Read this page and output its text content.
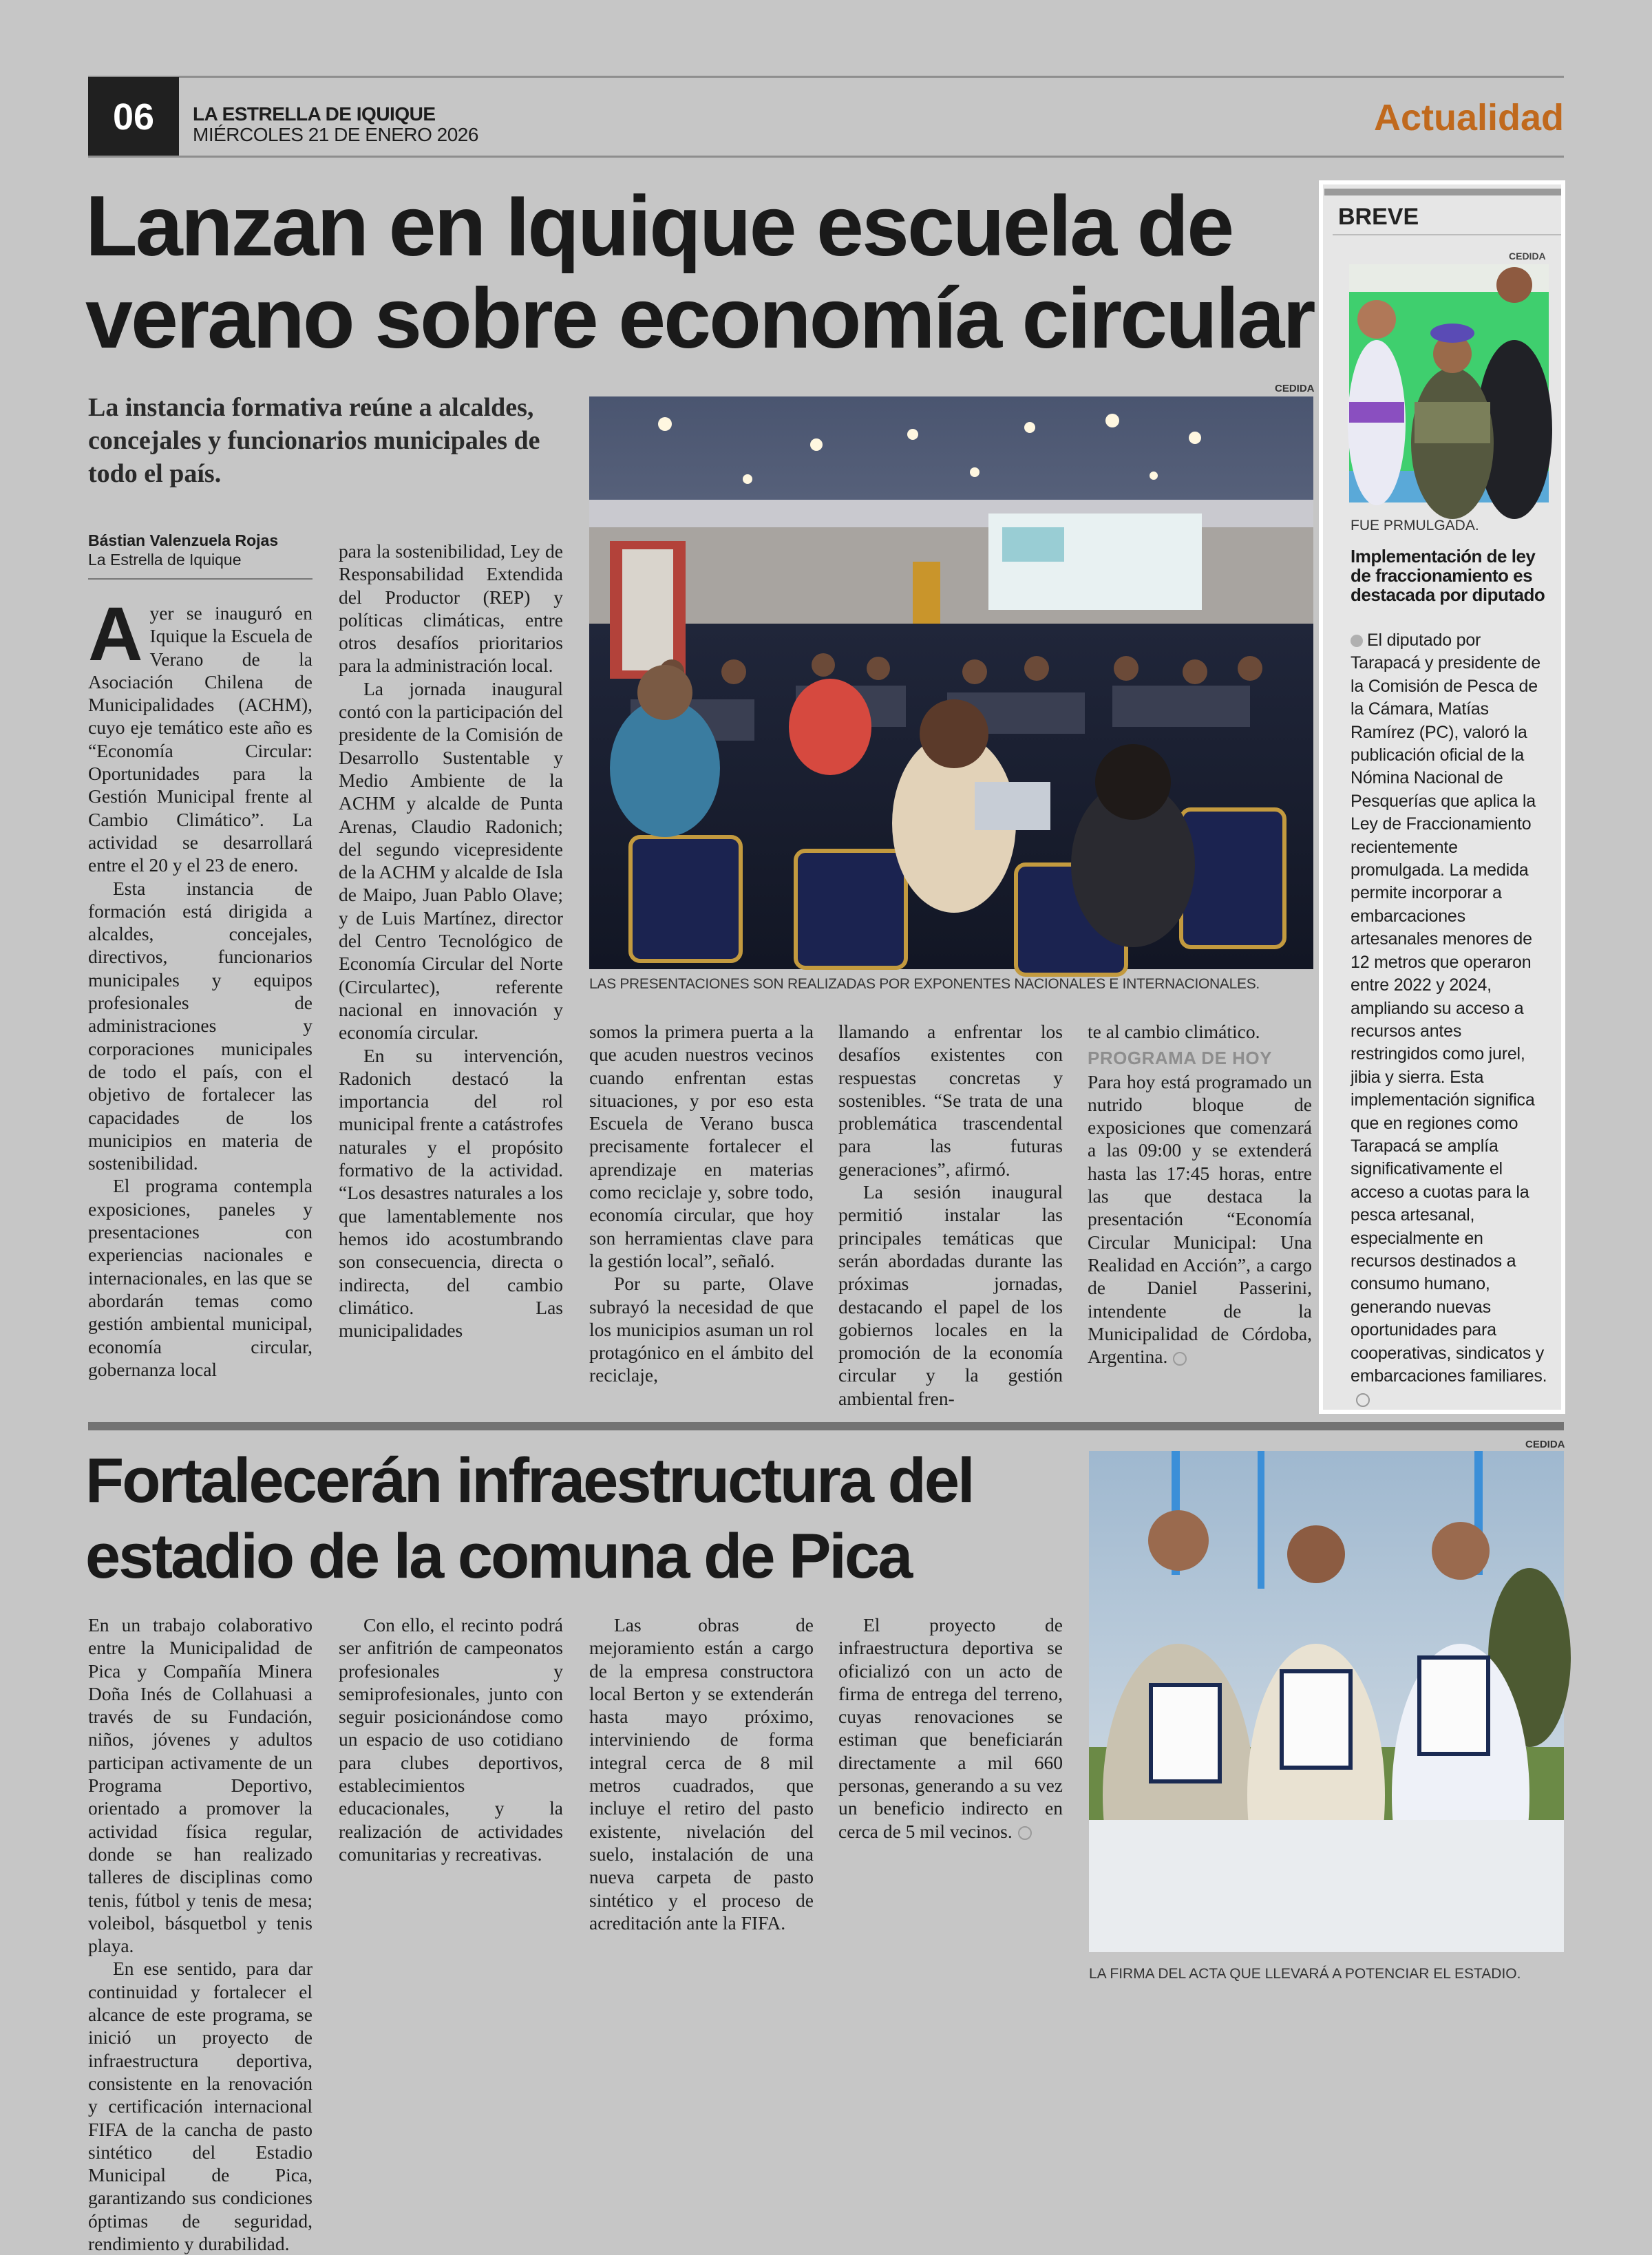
06	LA ESTRELLA DE IQUIQUE
MIÉRCOLES 21 DE ENERO 2026	Actualidad
Lanzan en Iquique escuela de verano sobre economía circular
La instancia formativa reúne a alcaldes, concejales y funcionarios municipales de todo el país.
Bástian Valenzuela Rojas
La Estrella de Iquique

Ayer se inauguró en Iquique la Escuela de Verano de la Asociación Chilena de Municipalidades (ACHM), cuyo eje temático este año es “Economía Circular: Oportunidades para la Gestión Municipal frente al Cambio Climático”. La actividad se desarrollará entre el 20 y el 23 de enero.

Esta instancia de formación está dirigida a alcaldes, concejales, directivos, funcionarios municipales y equipos profesionales de administraciones y corporaciones municipales de todo el país, con el objetivo de fortalecer las capacidades de los municipios en materia de sostenibilidad.

El programa contempla exposiciones, paneles y presentaciones con experiencias nacionales e internacionales, en las que se abordarán temas como gestión ambiental municipal, economía circular, gobernanza local

para la sostenibilidad, Ley de Responsabilidad Extendida del Productor (REP) y políticas climáticas, entre otros desafíos prioritarios para la administración local.

La jornada inaugural contó con la participación del presidente de la Comisión de Desarrollo Sustentable y Medio Ambiente de la ACHM y alcalde de Punta Arenas, Claudio Radonich; del segundo vicepresidente de la ACHM y alcalde de Isla de Maipo, Juan Pablo Olave; y de Luis Martínez, director del Centro Tecnológico de Economía Circular del Norte (Circulartec), referente nacional en innovación y economía circular.

En su intervención, Radonich destacó la importancia del rol municipal frente a catástrofes naturales y el propósito formativo de la actividad. “Los desastres naturales a los que lamentablemente nos hemos ido acostumbrando son consecuencia, directa o indirecta, del cambio climático. Las municipalidades

CEDIDA
LAS PRESENTACIONES SON REALIZADAS POR EXPONENTES NACIONALES E INTERNACIONALES.

somos la primera puerta a la que acuden nuestros vecinos cuando enfrentan estas situaciones, y por eso esta Escuela de Verano busca precisamente fortalecer el aprendizaje en materias como reciclaje y, sobre todo, economía circular, que hoy son herramientas clave para la gestión local”, señaló.

Por su parte, Olave subrayó la necesidad de que los municipios asuman un rol protagónico en el ámbito del reciclaje,

llamando a enfrentar los desafíos existentes con respuestas concretas y sostenibles. “Se trata de una problemática trascendental para las futuras generaciones”, afirmó.

La sesión inaugural permitió instalar las principales temáticas que serán abordadas durante las próximas jornadas, destacando el papel de los gobiernos locales en la promoción de la economía circular y la gestión ambiental fren-

te al cambio climático.

PROGRAMA DE HOY

Para hoy está programado un nutrido bloque de exposiciones que comenzará a las 09:00 y se extenderá hasta las 17:45 horas, entre las que destaca la presentación “Economía Circular Municipal: Una Realidad en Acción”, a cargo de Daniel Passerini, intendente de la Municipalidad de Córdoba, Argentina.

BREVE
CEDIDA
FUE PRMULGADA.
Implementación de ley de fraccionamiento es destacada por diputado
El diputado por Tarapacá y presidente de la Comisión de Pesca de la Cámara, Matías Ramírez (PC), valoró la publicación oficial de la Nómina Nacional de Pesquerías que aplica la Ley de Fraccionamiento recientemente promulgada. La medida permite incorporar a embarcaciones artesanales menores de 12 metros que operaron entre 2022 y 2024, ampliando su acceso a recursos antes restringidos como jurel, jibia y sierra. Esta implementación significa que en regiones como Tarapacá se amplía significativamente el acceso a cuotas para la pesca artesanal, especialmente en recursos destinados a consumo humano, generando nuevas oportunidades para cooperativas, sindicatos y embarcaciones familiares.
Fortalecerán infraestructura del estadio de la comuna de Pica

En un trabajo colaborativo entre la Municipalidad de Pica y Compañía Minera Doña Inés de Collahuasi a través de su Fundación, niños, jóvenes y adultos participan activamente de un Programa Deportivo, orientado a promover la actividad física regular, donde se han realizado talleres de disciplinas como tenis, fútbol y tenis de mesa; voleibol, básquetbol y tenis playa.

En ese sentido, para dar continuidad y fortalecer el alcance de este programa, se inició un proyecto de infraestructura deportiva, consistente en la renovación y certificación internacional FIFA de la cancha de pasto sintético del Estadio Municipal de Pica, garantizando sus condiciones óptimas de seguridad, rendimiento y durabilidad.

Con ello, el recinto podrá ser anfitrión de campeonatos profesionales y semiprofesionales, junto con seguir posicionándose como un espacio de uso cotidiano para clubes deportivos, establecimientos educacionales, y la realización de actividades comunitarias y recreativas.

Las obras de mejoramiento están a cargo de la empresa constructora local Berton y se extenderán hasta mayo próximo, interviniendo de forma integral cerca de 8 mil metros cuadrados, que incluye el retiro del pasto existente, nivelación del suelo, instalación de una nueva carpeta de pasto sintético y el proceso de acreditación ante la FIFA.

El proyecto de infraestructura deportiva se oficializó con un acto de firma de entrega del terreno, cuyas renovaciones se estiman que beneficiarán directamente a mil 660 personas, generando a su vez un beneficio indirecto en cerca de 5 mil vecinos.

CEDIDA
LA FIRMA DEL ACTA QUE LLEVARÁ A POTENCIAR EL ESTADIO.
